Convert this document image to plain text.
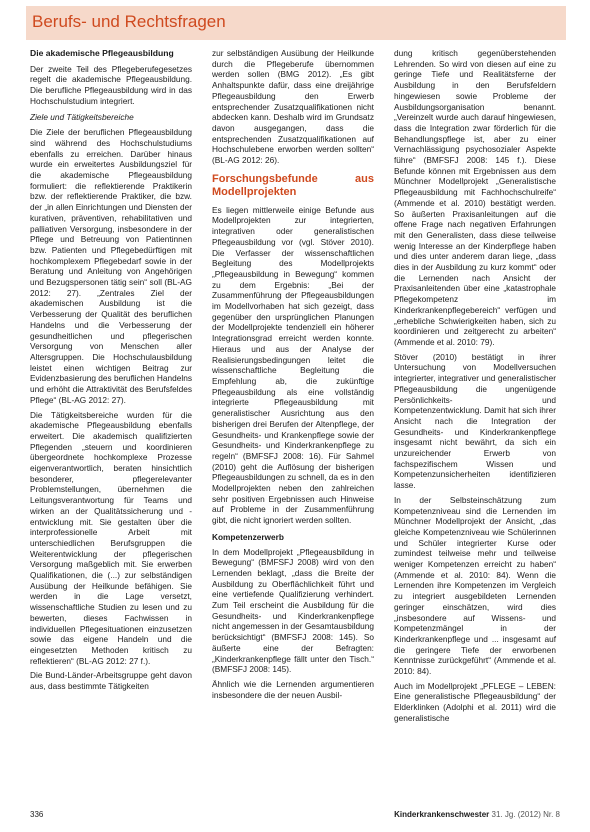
Berufs- und Rechtsfragen

Die akademische Pflegeausbildung

Der zweite Teil des Pflegeberufegesetzes regelt die akademische Pflegeausbildung. Die berufliche Pflegeausbildung wird in das Hochschulstudium integriert.

Ziele und Tätigkeitsbereiche

Die Ziele der beruflichen Pflegeausbildung sind während des Hochschulstudiums ebenfalls zu erreichen. Darüber hinaus wurde ein erweitertes Ausbildungsziel für die akademische Pflegeausbildung formuliert: die reflektierende Praktikerin bzw. der reflektierende Praktiker, die bzw. der „in allen Einrichtungen und Diensten der kurativen, präventiven, rehabilitativen und palliativen Versorgung, insbesondere in der Pflege und Betreuung von Patientinnen bzw. Patienten und Pflegebedürftigen mit hochkomplexem Pflegebedarf sowie in der Beratung und Anleitung von Angehörigen und Bezugspersonen tätig sein“ soll (BL-AG 2012: 27). „Zentrales Ziel der akademischen Ausbildung ist die Verbesserung der Qualität des beruflichen Handelns und die Verbesserung der gesundheitlichen und pflegerischen Versorgung von Menschen aller Altersgruppen. Die Hochschulausbildung leistet einen wichtigen Beitrag zur Evidenzbasierung des beruflichen Handelns und erhöht die Attraktivität des Berufsfeldes Pflege“ (BL-AG 2012: 27).

Die Tätigkeitsbereiche wurden für die akademische Pflegeausbildung ebenfalls erweitert. Die akademisch qualifizierten Pflegenden „steuern und koordinieren übergeordnete hochkomplexe Prozesse eigenverantwortlich, beraten hinsichtlich besonderer, pflegerelevanter Problemstellungen, übernehmen die Leitungsverantwortung für Teams und wirken an der Qualitätssicherung und -entwicklung mit. Sie gestalten über die interprofessionelle Arbeit mit unterschiedlichen Berufsgruppen die Weiterentwicklung der pflegerischen Versorgung maßgeblich mit. Sie erwerben Qualifikationen, die (...) zur selbständigen Ausübung der Heilkunde befähigen. Sie werden in die Lage versetzt, wissenschaftliche Studien zu lesen und zu bewerten, dieses Fachwissen in individuellen Pflegesituationen einzusetzen sowie das eigene Handeln und die eingesetzten Methoden kritisch zu reflektieren“ (BL-AG 2012: 27 f.).

Die Bund-Länder-Arbeitsgruppe geht davon aus, dass bestimmte Tätigkeiten

zur selbständigen Ausübung der Heilkunde durch die Pflegeberufe übernommen werden sollen (BMG 2012). „Es gibt Anhaltspunkte dafür, dass eine dreijährige Pflegeausbildung den Erwerb entsprechender Zusatzqualifikationen nicht abdecken kann. Deshalb wird im Grundsatz davon ausgegangen, dass die entsprechenden Zusatzqualifikationen auf Hochschulebene erworben werden sollten“ (BL-AG 2012: 26).

Forschungsbefunde aus Modellprojekten

Es liegen mittlerweile einige Befunde aus Modellprojekten zur integrierten, integrativen oder generalistischen Pflegeausbildung vor (vgl. Stöver 2010). Die Verfasser der wissenschaftlichen Begleitung des Modellprojekts „Pflegeausbildung in Bewegung“ kommen zu dem Ergebnis: „Bei der Zusammenführung der Pflegeausbildungen im Modellvorhaben hat sich gezeigt, dass gegenüber den ursprünglichen Planungen der Modellprojekte tendenziell ein höherer Integrationsgrad erreicht werden konnte. Hieraus und aus der Analyse der Realisierungsbedingungen leitet die wissenschaftliche Begleitung die Empfehlung ab, die zukünftige Pflegeausbildung als eine vollständig integrierte Pflegeausbildung mit generalistischer Ausrichtung aus den bisherigen drei Berufen der Altenpflege, der Gesundheits- und Krankenpflege sowie der Gesundheits- und Kinderkrankenpflege zu regeln“ (BMFSFJ 2008: 16). Für Sahmel (2010) geht die Auflösung der bisherigen Pflegeausbildungen zu schnell, da es in den Modellprojekten neben den zahlreichen sehr positiven Ergebnissen auch Hinweise auf Probleme in der Zusammenführung gibt, die nicht ignoriert werden sollten.

Kompetenzerwerb

In dem Modellprojekt „Pflegeausbildung in Bewegung“ (BMFSFJ 2008) wird von den Lernenden beklagt, „dass die Breite der Ausbildung zu Oberflächlichkeit führt und eine vertiefende Qualifizierung verhindert. Zum Teil erscheint die Ausbildung für die Gesundheits- und Kinderkrankenpflege nicht angemessen in der Gesamtausbildung berücksichtigt“ (BMFSFJ 2008: 145). So äußerte eine der Befragten: „Kinderkrankenpflege fällt unter den Tisch.“ (BMFSFJ 2008: 145).

Ähnlich wie die Lernenden argumentieren insbesondere die der neuen Ausbil-

dung kritisch gegenüberstehenden Lehrenden. So wird von diesen auf eine zu geringe Tiefe und Realitätsferne der Ausbildung in den Berufsfeldern hingewiesen sowie Probleme der Ausbildungsorganisation benannt. „Vereinzelt wurde auch darauf hingewiesen, dass die Integration zwar förderlich für die Behandlungspflege ist, aber zu einer Vernachlässigung psychosozialer Aspekte führe“ (BMFSFJ 2008: 145 f.). Diese Befunde können mit Ergebnissen aus dem Münchner Modellprojekt „Generalistische Pflegeausbildung mit Fachhochschulreife“ (Ammende et al. 2010) bestätigt werden. So äußerten Praxisanleitungen auf die offene Frage nach negativen Erfahrungen mit den Generalisten, dass diese teilweise wenig Interesse an der Kinderpflege haben und dies unter anderem daran liege, „dass dies in der Ausbildung zu kurz kommt“ oder die Lernenden nach Ansicht der Praxisanleitenden über eine „katastrophale Pflegekompetenz im Kinderkrankenpflegebereich“ verfügen und „erhebliche Schwierigkeiten haben, sich zu koordinieren und zeitgerecht zu arbeiten“ (Ammende et al. 2010: 79).

Stöver (2010) bestätigt in ihrer Untersuchung von Modellversuchen integrierter, integrativer und generalistischer Pflegeausbildung die ungenügende Persönlichkeits- und Kompetenzentwicklung. Damit hat sich ihrer Ansicht nach die Integration der Gesundheits- und Kinderkrankenpflege insgesamt nicht bewährt, da sich ein unzureichender Erwerb von fachspezifischem Wissen und Kompetenzunsicherheiten identifizieren lasse.

In der Selbsteinschätzung zum Kompetenzniveau sind die Lernenden im Münchner Modellprojekt der Ansicht, „das gleiche Kompetenzniveau wie Schülerinnen und Schüler integrierter Kurse oder zumindest teilweise mehr und teilweise weniger Kompetenzen erreicht zu haben“ (Ammende et al. 2010: 84). Wenn die Lernenden ihre Kompetenzen im Vergleich zu integriert ausgebildeten Lernenden geringer einschätzen, wird dies „insbesondere auf Wissens- und Kompetenzmängel in der Kinderkrankenpflege und ... insgesamt auf die geringere Tiefe der erworbenen Kenntnisse zurückgeführt“ (Ammende et al. 2010: 84).

Auch im Modellprojekt „PFLEGE – LEBEN: Eine generalistische Pflegeausbildung“ der Elderklinken (Adolphi et al. 2011) wird die generalistische

336	Kinderkrankenschwester 31. Jg. (2012) Nr. 8
